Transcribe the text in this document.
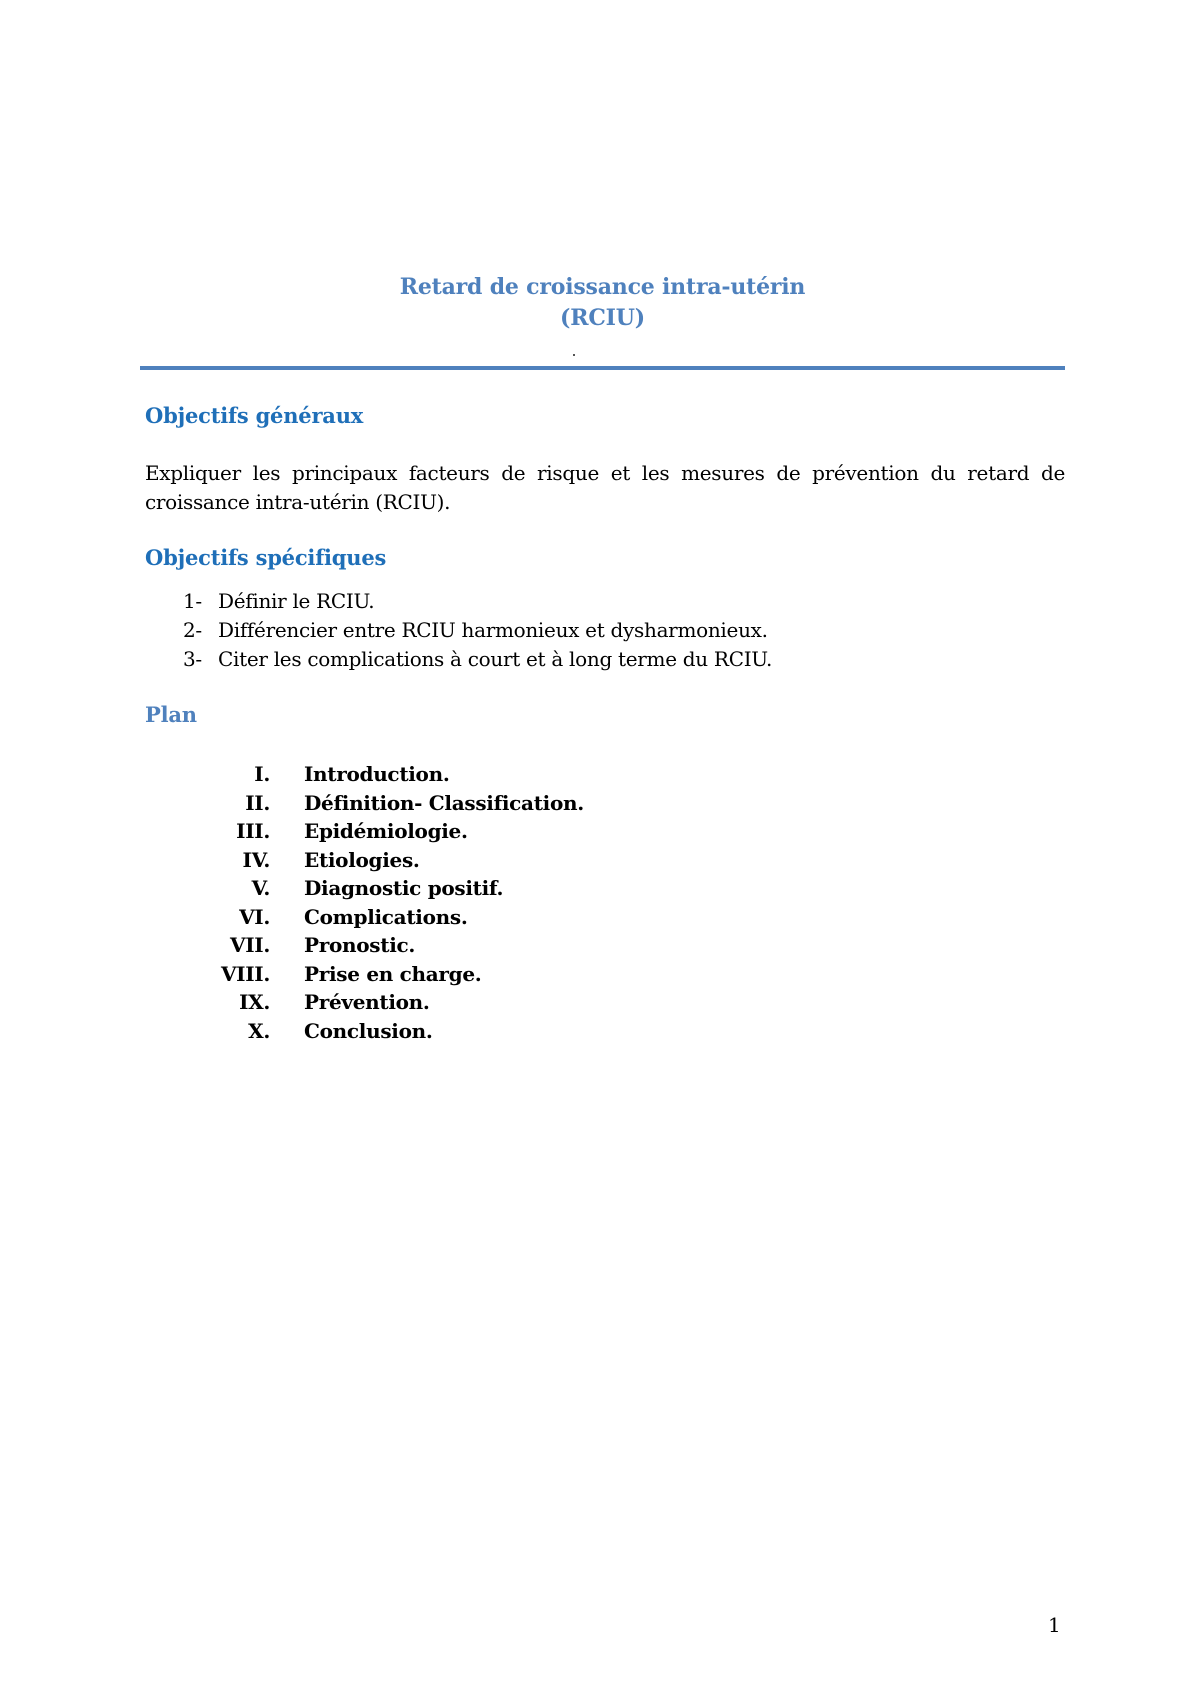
Retard de croissance intra-utérin
(RCIU)
Objectifs généraux
Expliquer les principaux facteurs de risque et les mesures de prévention du retard de croissance intra-utérin (RCIU).
Objectifs spécifiques
1- Définir le RCIU.
2- Différencier entre RCIU harmonieux et dysharmonieux.
3- Citer les complications à court et à long terme du RCIU.
Plan
I. Introduction.
II. Définition- Classification.
III. Epidémiologie.
IV. Etiologies.
V. Diagnostic positif.
VI. Complications.
VII. Pronostic.
VIII. Prise en charge.
IX. Prévention.
X. Conclusion.
1
